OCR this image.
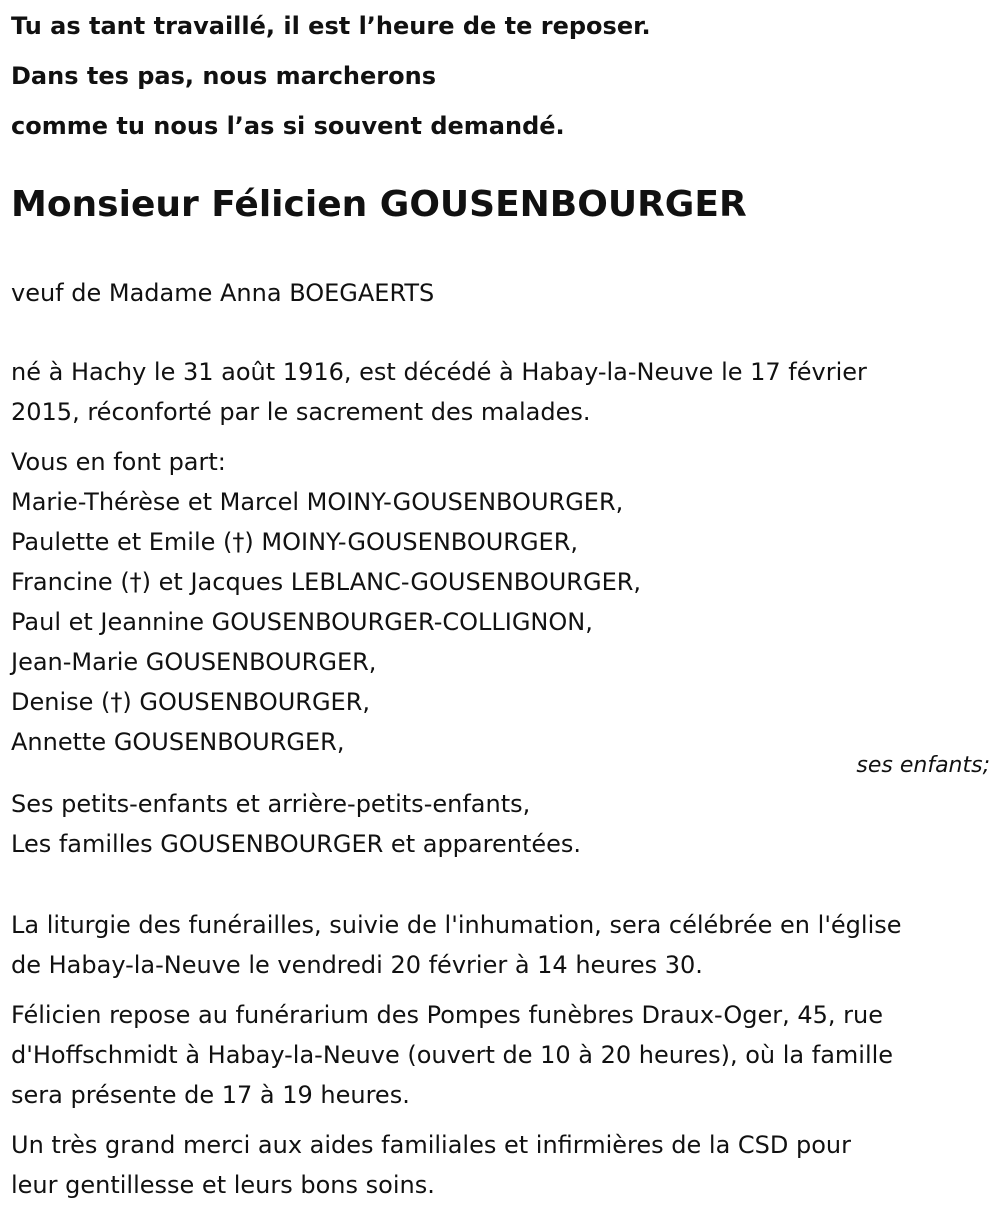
Tu as tant travaillé, il est l’heure de te reposer.
Dans tes pas, nous marcherons
comme tu nous l’as si souvent demandé.
Monsieur Félicien GOUSENBOURGER

veuf de Madame Anna BOEGAERTS

né à Hachy le 31 août 1916, est décédé à Habay-la-Neuve le 17 février
2015, réconforté par le sacrement des malades.

Vous en font part:

Marie-Thérèse et Marcel MOINY-GOUSENBOURGER,
Paulette et Emile (†) MOINY-GOUSENBOURGER,
Francine (†) et Jacques LEBLANC-GOUSENBOURGER,
Paul et Jeannine GOUSENBOURGER-COLLIGNON,
Jean-Marie GOUSENBOURGER,
Denise (†) GOUSENBOURGER,
Annette GOUSENBOURGER,
ses enfants;
Ses petits-enfants et arrière-petits-enfants,
Les familles GOUSENBOURGER et apparentées.
La liturgie des funérailles, suivie de l'inhumation, sera célébrée en l'église
de Habay-la-Neuve le vendredi 20 février à 14 heures 30.
Félicien repose au funérarium des Pompes funèbres Draux-Oger, 45, rue
d'Hoffschmidt à Habay-la-Neuve (ouvert de 10 à 20 heures), où la famille
sera présente de 17 à 19 heures.
Un très grand merci aux aides familiales et infirmières de la CSD pour
leur gentillesse et leurs bons soins.
